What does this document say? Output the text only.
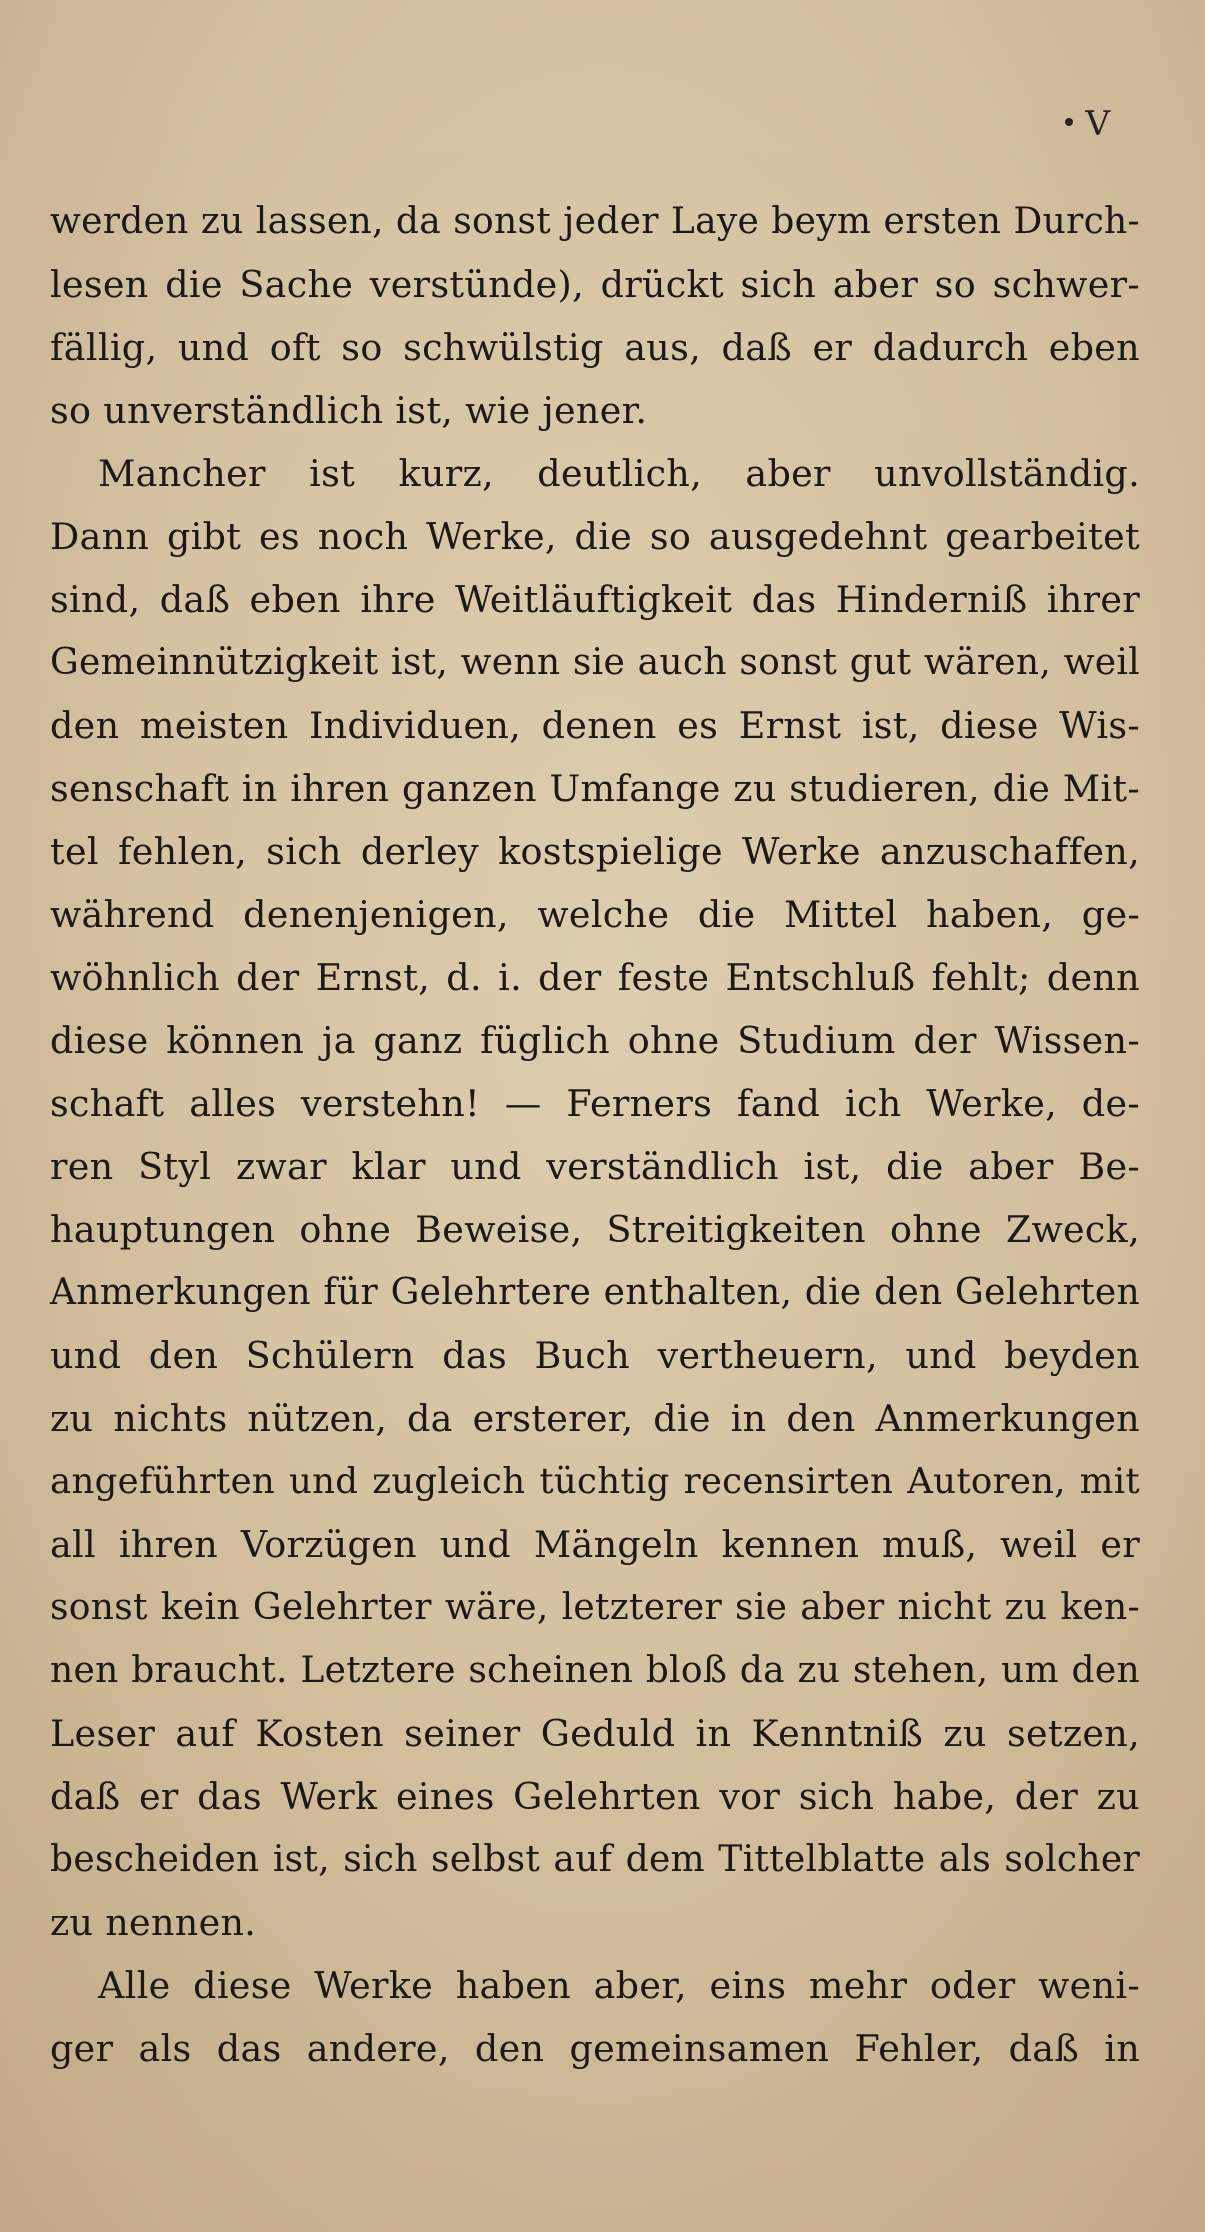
V
werden zu lassen, da sonst jeder Laye beym ersten Durch-
lesen die Sache verstünde), drückt sich aber so schwer-
fällig, und oft so schwülstig aus, daß er dadurch eben
so unverständlich ist, wie jener.
Mancher ist kurz, deutlich, aber unvollständig.
Dann gibt es noch Werke, die so ausgedehnt gearbeitet
sind, daß eben ihre Weitläuftigkeit das Hinderniß ihrer
Gemeinnützigkeit ist, wenn sie auch sonst gut wären, weil
den meisten Individuen, denen es Ernst ist, diese Wis-
senschaft in ihren ganzen Umfange zu studieren, die Mit-
tel fehlen, sich derley kostspielige Werke anzuschaffen,
während denenjenigen, welche die Mittel haben, ge-
wöhnlich der Ernst, d. i. der feste Entschluß fehlt; denn
diese können ja ganz füglich ohne Studium der Wissen-
schaft alles verstehn! — Ferners fand ich Werke, de-
ren Styl zwar klar und verständlich ist, die aber Be-
hauptungen ohne Beweise, Streitigkeiten ohne Zweck,
Anmerkungen für Gelehrtere enthalten, die den Gelehrten
und den Schülern das Buch vertheuern, und beyden
zu nichts nützen, da ersterer, die in den Anmerkungen
angeführten und zugleich tüchtig recensirten Autoren, mit
all ihren Vorzügen und Mängeln kennen muß, weil er
sonst kein Gelehrter wäre, letzterer sie aber nicht zu ken-
nen braucht. Letztere scheinen bloß da zu stehen, um den
Leser auf Kosten seiner Geduld in Kenntniß zu setzen,
daß er das Werk eines Gelehrten vor sich habe, der zu
bescheiden ist, sich selbst auf dem Tittelblatte als solcher
zu nennen.
Alle diese Werke haben aber, eins mehr oder weni-
ger als das andere, den gemeinsamen Fehler, daß in
